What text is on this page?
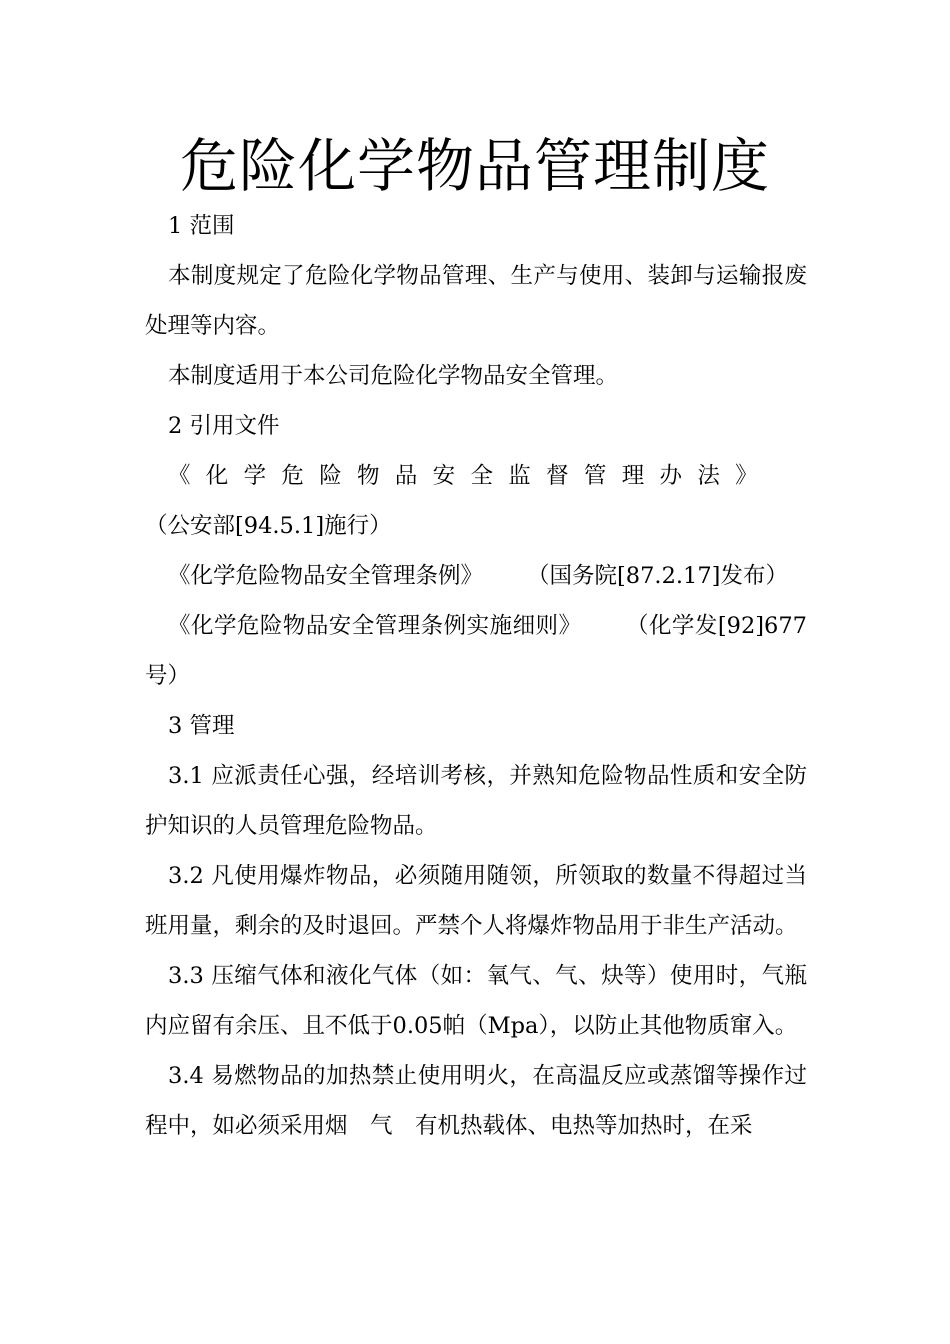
危险化学物品管理制度

1 范围

本制度规定了危险化学物品管理、生产与使用、装卸与运输报废处理等内容。

本制度适用于本公司危险化学物品安全管理。

2 引用文件

《化学危险物品安全监督管理办法》（公安部[94.5.1]施行）

《化学危险物品安全管理条例》 （国务院[87.2.17]发布）

《化学危险物品安全管理条例实施细则》 （化学发[92]677号）

3 管理

3.1 应派责任心强，经培训考核，并熟知危险物品性质和安全防护知识的人员管理危险物品。

3.2 凡使用爆炸物品，必须随用随领，所领取的数量不得超过当班用量，剩余的及时退回。严禁个人将爆炸物品用于非生产活动。

3.3 压缩气体和液化气体（如：氧气、气、炔等）使用时，气瓶内应留有余压、且不低于0.05帕（Mpa），以防止其他物质窜入。

3.4 易燃物品的加热禁止使用明火，在高温反应或蒸馏等操作过程中，如必须采用烟　气　有机热载体、电热等加热时，在采
